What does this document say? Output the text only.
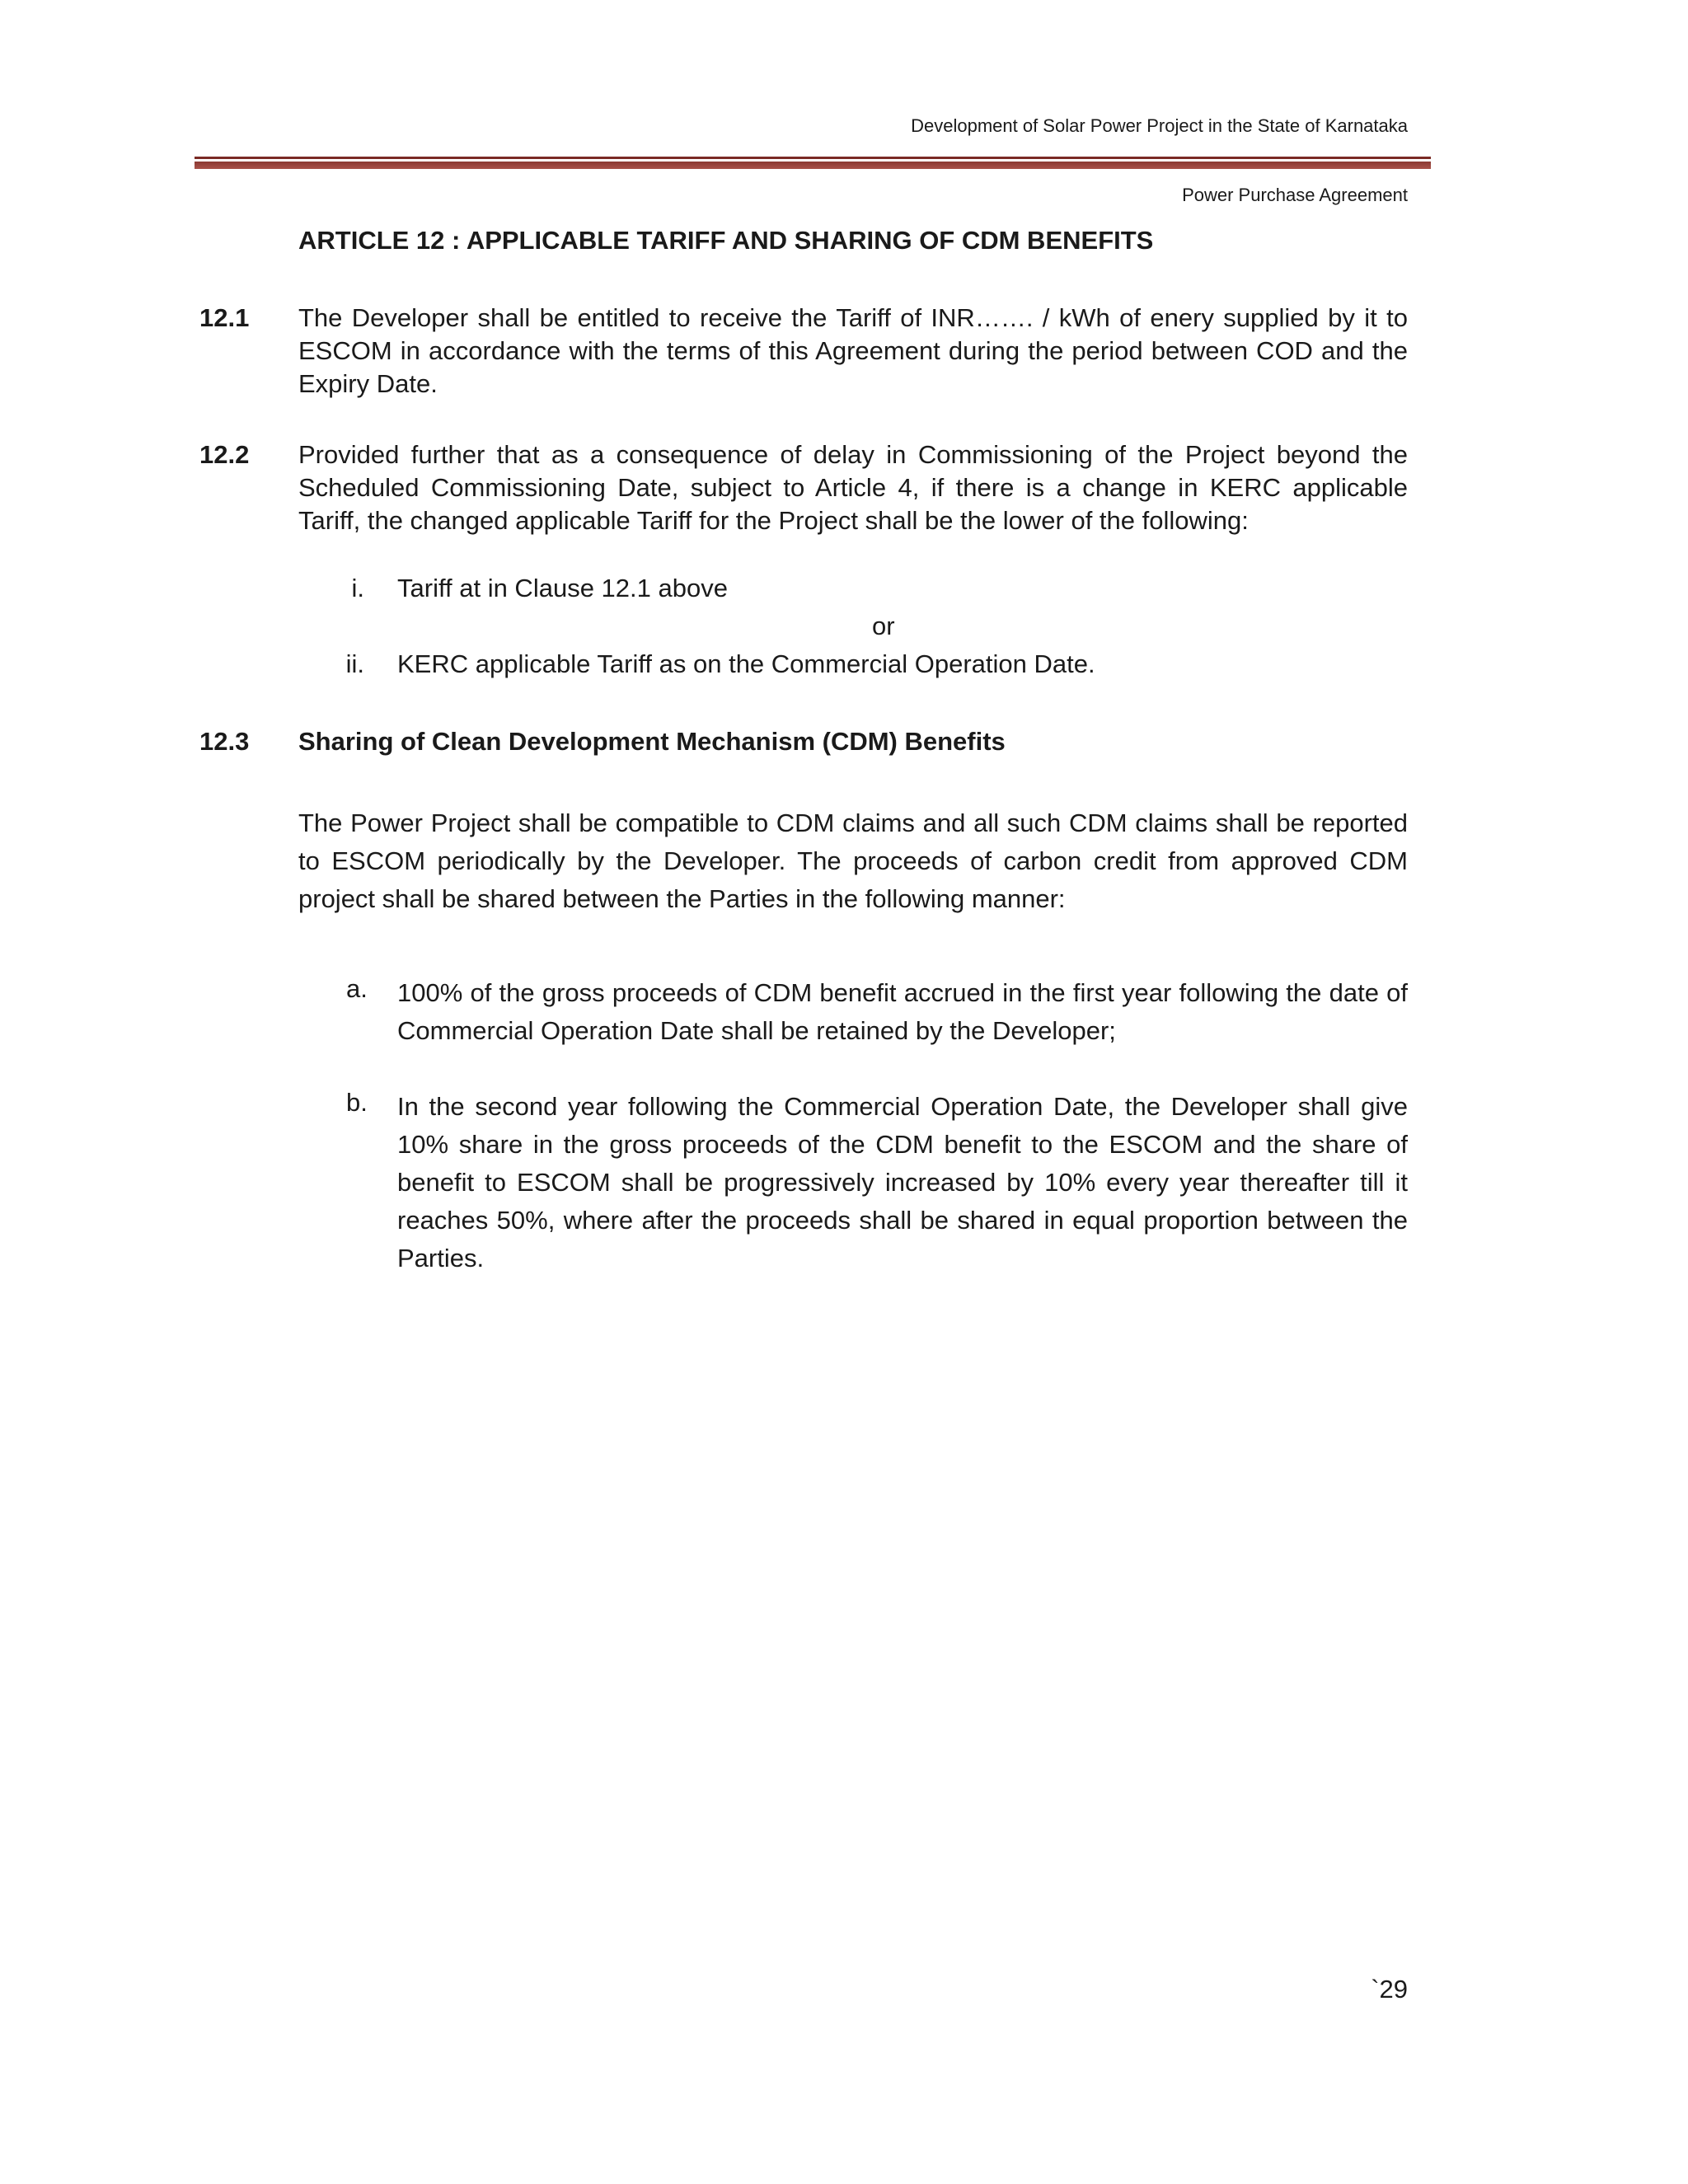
Development of Solar Power Project in the State of Karnataka
Power Purchase Agreement
ARTICLE 12 : APPLICABLE TARIFF AND SHARING OF CDM BENEFITS
12.1 The Developer shall be entitled to receive the Tariff of INR……. / kWh of enery supplied by it to ESCOM in accordance with the terms of this Agreement during the period between COD and the Expiry Date.
12.2 Provided further that as a consequence of delay in Commissioning of the Project beyond the Scheduled Commissioning Date, subject to Article 4, if there is a change in KERC applicable Tariff, the changed applicable Tariff for the Project shall be the lower of the following:
i. Tariff at in Clause 12.1 above
or
ii. KERC applicable Tariff as on the Commercial Operation Date.
12.3 Sharing of Clean Development Mechanism (CDM) Benefits
The Power Project shall be compatible to CDM claims and all such CDM claims shall be reported to ESCOM periodically by the Developer. The proceeds of carbon credit from approved CDM project shall be shared between the Parties in the following manner:
a. 100% of the gross proceeds of CDM benefit accrued in the first year following the date of Commercial Operation Date shall be retained by the Developer;
b. In the second year following the Commercial Operation Date, the Developer shall give 10% share in the gross proceeds of the CDM benefit to the ESCOM and the share of benefit to ESCOM shall be progressively increased by 10% every year thereafter till it reaches 50%, where after the proceeds shall be shared in equal proportion between the Parties.
`29
